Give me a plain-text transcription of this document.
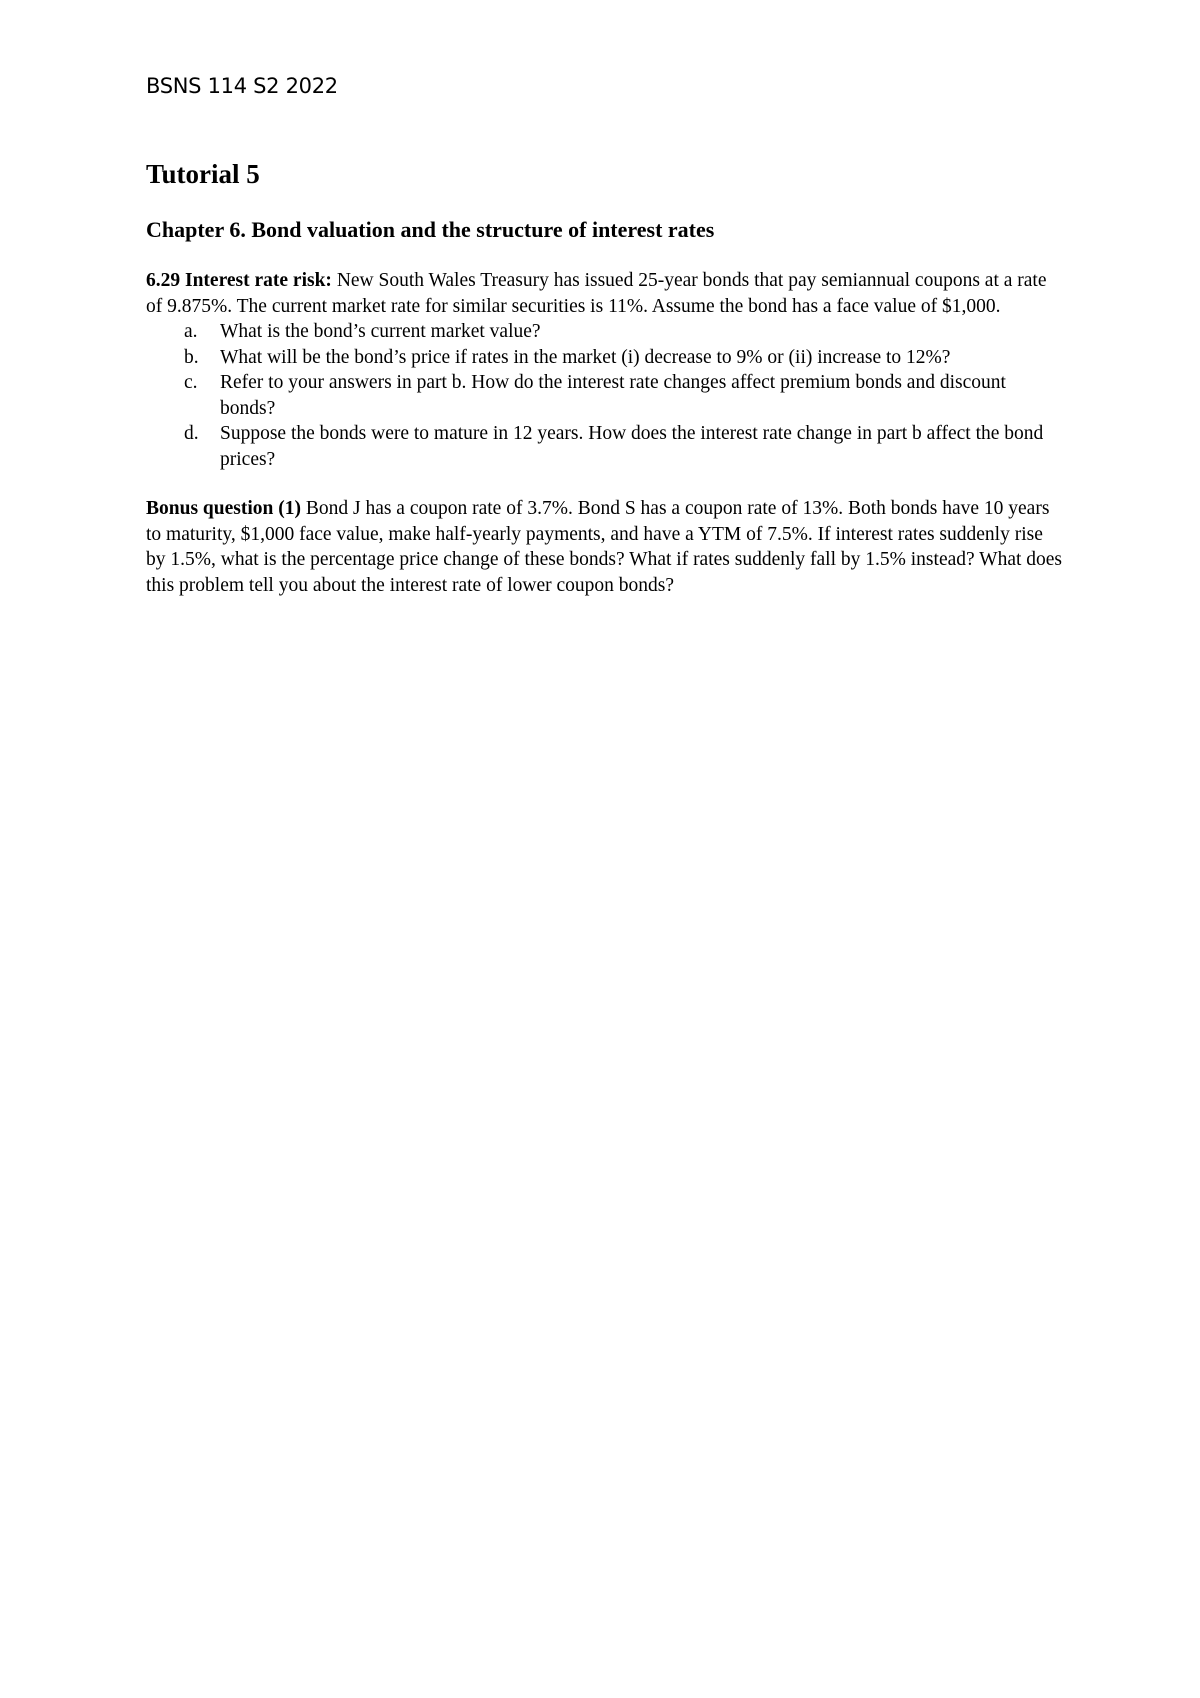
BSNS 114 S2 2022

Tutorial 5
Chapter 6. Bond valuation and the structure of interest rates

6.29 Interest rate risk: New South Wales Treasury has issued 25-year bonds that pay semiannual coupons at a rate of 9.875%. The current market rate for similar securities is 11%. Assume the bond has a face value of $1,000.

a.	What is the bond’s current market value?
b.	What will be the bond’s price if rates in the market (i) decrease to 9% or (ii) increase to 12%?
c.	Refer to your answers in part b. How do the interest rate changes affect premium bonds and discount bonds?
d.	Suppose the bonds were to mature in 12 years. How does the interest rate change in part b affect the bond prices?

Bonus question (1) Bond J has a coupon rate of 3.7%. Bond S has a coupon rate of 13%. Both bonds have 10 years to maturity, $1,000 face value, make half-yearly payments, and have a YTM of 7.5%. If interest rates suddenly rise by 1.5%, what is the percentage price change of these bonds? What if rates suddenly fall by 1.5% instead? What does this problem tell you about the interest rate of lower coupon bonds?
